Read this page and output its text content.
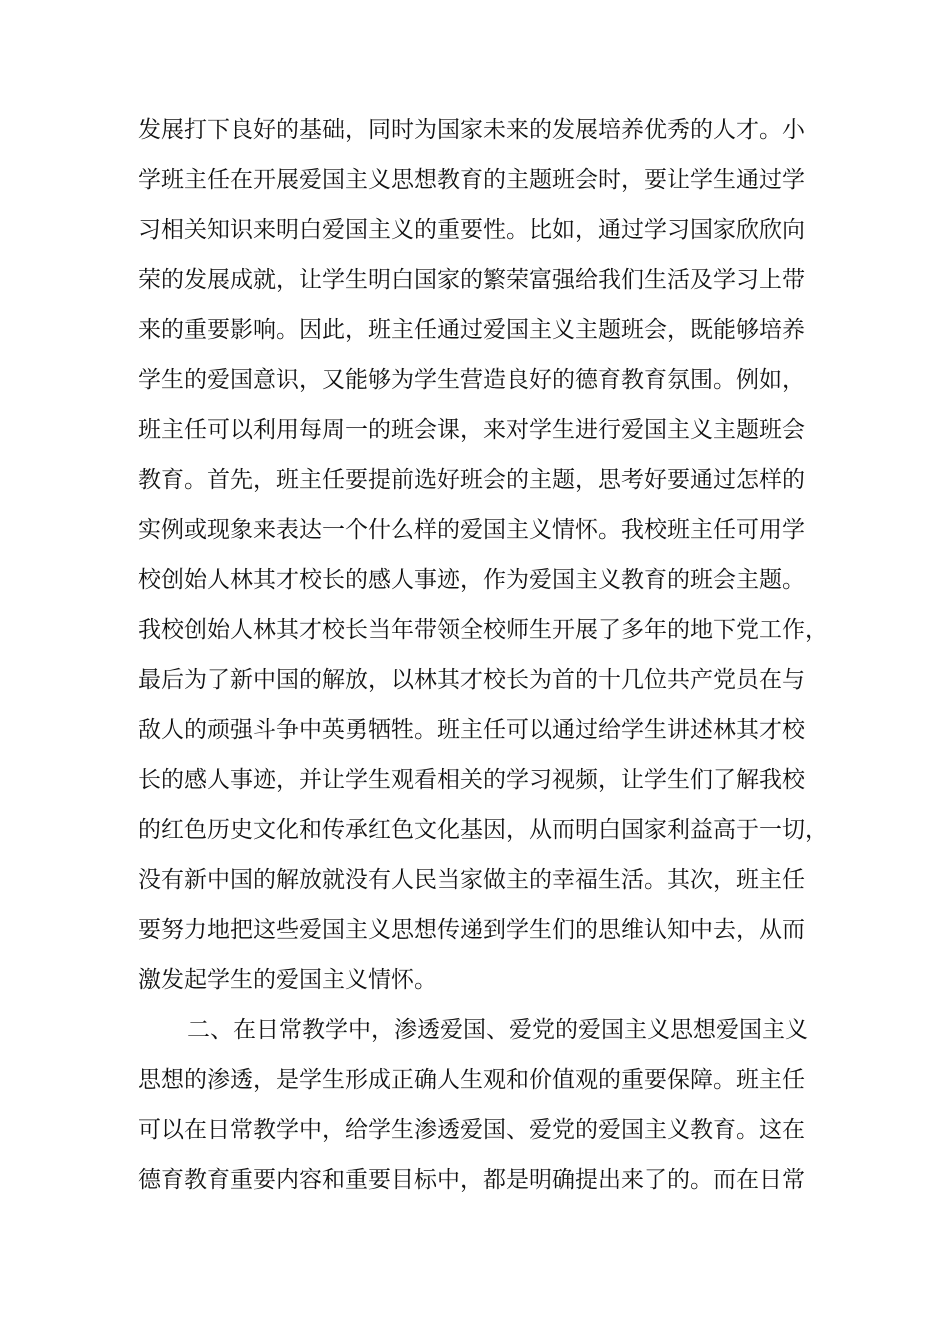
发展打下良好的基础，同时为国家未来的发展培养优秀的人才。小
学班主任在开展爱国主义思想教育的主题班会时，要让学生通过学
习相关知识来明白爱国主义的重要性。比如，通过学习国家欣欣向
荣的发展成就，让学生明白国家的繁荣富强给我们生活及学习上带
来的重要影响。因此，班主任通过爱国主义主题班会，既能够培养
学生的爱国意识，又能够为学生营造良好的德育教育氛围。例如，
班主任可以利用每周一的班会课，来对学生进行爱国主义主题班会
教育。首先，班主任要提前选好班会的主题，思考好要通过怎样的
实例或现象来表达一个什么样的爱国主义情怀。我校班主任可用学
校创始人林其才校长的感人事迹，作为爱国主义教育的班会主题。
我校创始人林其才校长当年带领全校师生开展了多年的地下党工作，
最后为了新中国的解放，以林其才校长为首的十几位共产党员在与
敌人的顽强斗争中英勇牺牲。班主任可以通过给学生讲述林其才校
长的感人事迹，并让学生观看相关的学习视频，让学生们了解我校
的红色历史文化和传承红色文化基因，从而明白国家利益高于一切，
没有新中国的解放就没有人民当家做主的幸福生活。其次，班主任
要努力地把这些爱国主义思想传递到学生们的思维认知中去，从而
激发起学生的爱国主义情怀。
二、在日常教学中，渗透爱国、爱党的爱国主义思想爱国主义
思想的渗透，是学生形成正确人生观和价值观的重要保障。班主任
可以在日常教学中，给学生渗透爱国、爱党的爱国主义教育。这在
德育教育重要内容和重要目标中，都是明确提出来了的。而在日常
